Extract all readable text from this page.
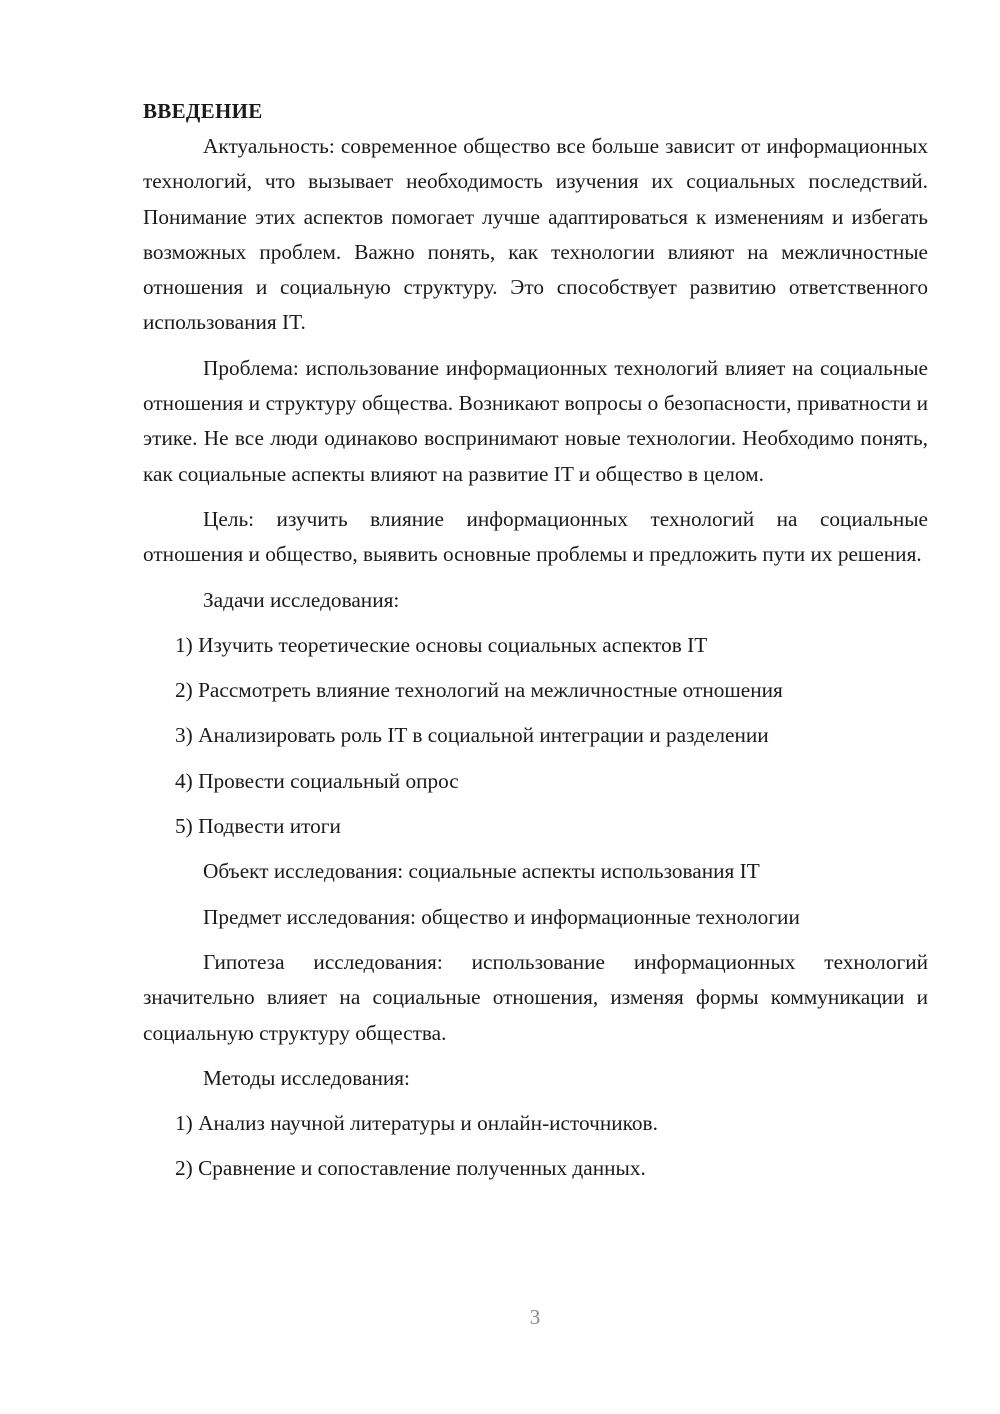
ВВЕДЕНИЕ

Актуальность: современное общество все больше зависит от информационных технологий, что вызывает необходимость изучения их социальных последствий. Понимание этих аспектов помогает лучше адаптироваться к изменениям и избегать возможных проблем. Важно понять, как технологии влияют на межличностные отношения и социальную структуру. Это способствует развитию ответственного использования IT.

Проблема: использование информационных технологий влияет на социальные отношения и структуру общества. Возникают вопросы о безопасности, приватности и этике. Не все люди одинаково воспринимают новые технологии. Необходимо понять, как социальные аспекты влияют на развитие IT и общество в целом.

Цель: изучить влияние информационных технологий на социальные отношения и общество, выявить основные проблемы и предложить пути их решения.

Задачи исследования:

1) Изучить теоретические основы социальных аспектов IT

2) Рассмотреть влияние технологий на межличностные отношения

3) Анализировать роль IT в социальной интеграции и разделении

4) Провести социальный опрос

5) Подвести итоги

Объект исследования: социальные аспекты использования IT

Предмет исследования: общество и информационные технологии

Гипотеза исследования: использование информационных технологий значительно влияет на социальные отношения, изменяя формы коммуникации и социальную структуру общества.

Методы исследования:

1) Анализ научной литературы и онлайн-источников.

2) Сравнение и сопоставление полученных данных.

3
